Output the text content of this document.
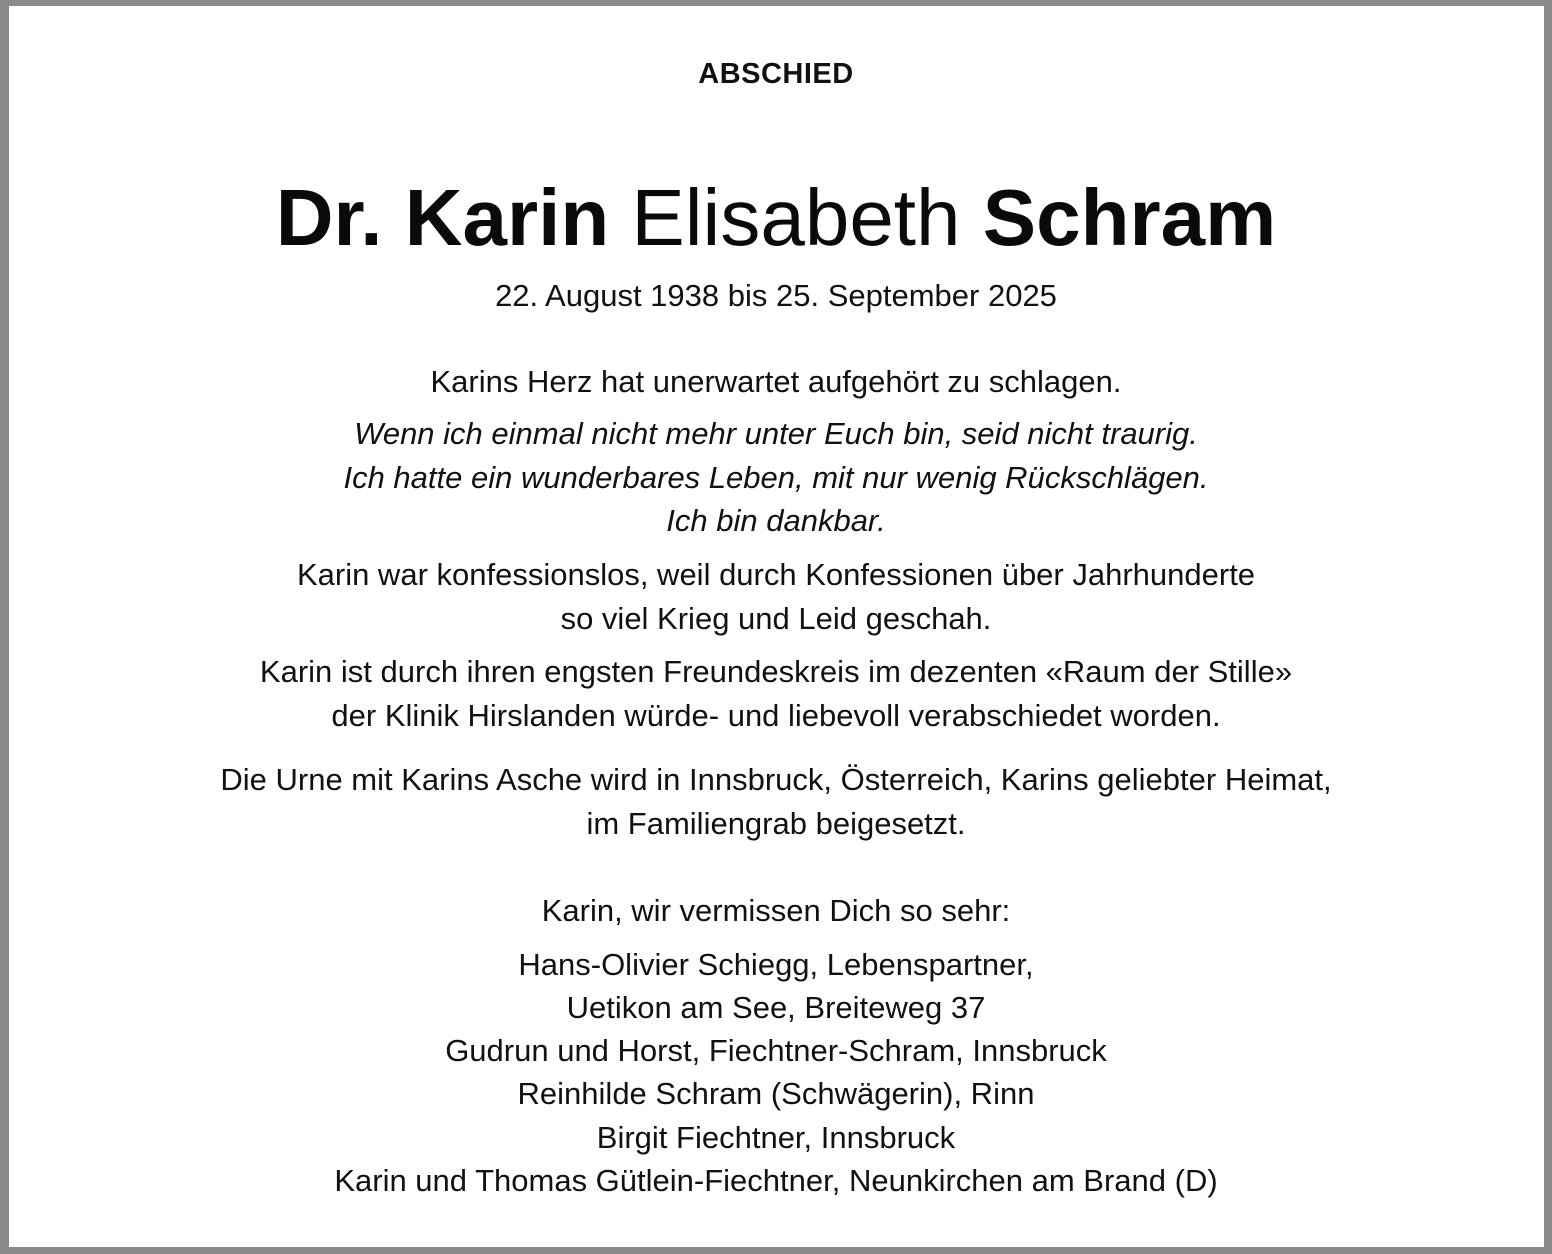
ABSCHIED
Dr. Karin Elisabeth Schram
22. August 1938 bis 25. September 2025
Karins Herz hat unerwartet aufgehört zu schlagen.
Wenn ich einmal nicht mehr unter Euch bin, seid nicht traurig.
Ich hatte ein wunderbares Leben, mit nur wenig Rückschlägen.
Ich bin dankbar.
Karin war konfessionslos, weil durch Konfessionen über Jahrhunderte
so viel Krieg und Leid geschah.
Karin ist durch ihren engsten Freundeskreis im dezenten «Raum der Stille»
der Klinik Hirslanden würde- und liebevoll verabschiedet worden.
Die Urne mit Karins Asche wird in Innsbruck, Österreich, Karins geliebter Heimat,
im Familiengrab beigesetzt.
Karin, wir vermissen Dich so sehr:
Hans-Olivier Schiegg, Lebenspartner,
Uetikon am See, Breiteweg 37
Gudrun und Horst, Fiechtner-Schram, Innsbruck
Reinhilde Schram (Schwägerin), Rinn
Birgit Fiechtner, Innsbruck
Karin und Thomas Gütlein-Fiechtner, Neunkirchen am Brand (D)
